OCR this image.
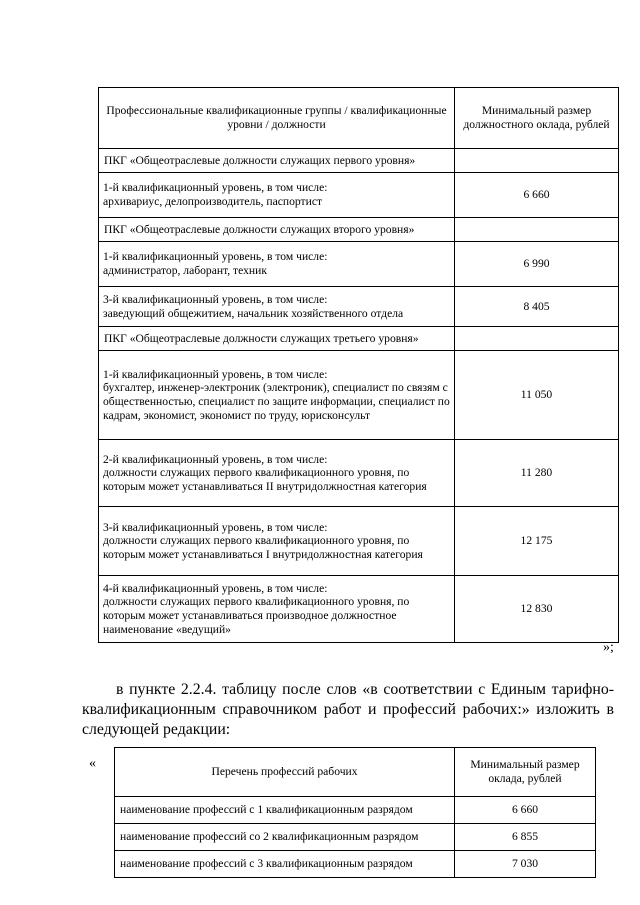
Профессиональные квалификационные группы / квалификационные уровни / должности	Минимальный размер должностного оклада, рублей
ПКГ «Общеотраслевые должности служащих первого уровня»	
1-й квалификационный уровень, в том числе:
архивариус, делопроизводитель, паспортист	6 660
ПКГ «Общеотраслевые должности служащих второго уровня»	
1-й квалификационный уровень, в том числе:
администратор, лаборант, техник	6 990
3-й квалификационный уровень, в том числе:
заведующий общежитием, начальник хозяйственного отдела	8 405
ПКГ «Общеотраслевые должности служащих третьего уровня»	
1-й квалификационный уровень, в том числе:
бухгалтер, инженер-электроник (электроник), специалист по связям с общественностью, специалист по защите информации, специалист по кадрам, экономист, экономист по труду, юрисконсульт	11 050
2-й квалификационный уровень, в том числе:
должности служащих первого квалификационного уровня, по которым может устанавливаться II внутридолжностная категория	11 280
3-й квалификационный уровень, в том числе:
должности служащих первого квалификационного уровня, по которым может устанавливаться I внутридолжностная категория	12 175
4-й квалификационный уровень, в том числе:
должности служащих первого квалификационного уровня, по которым может устанавливаться производное должностное наименование «ведущий»	12 830
»;

в пункте 2.2.4. таблицу после слов «в соответствии с Единым тарифно-квалификационным справочником работ и профессий рабочих:» изложить в следующей редакции:

«
Перечень профессий рабочих	Минимальный размер оклада, рублей
наименование профессий с 1 квалификационным разрядом	6 660
наименование профессий со 2 квалификационным разрядом	6 855
наименование профессий с 3 квалификационным разрядом	7 030
